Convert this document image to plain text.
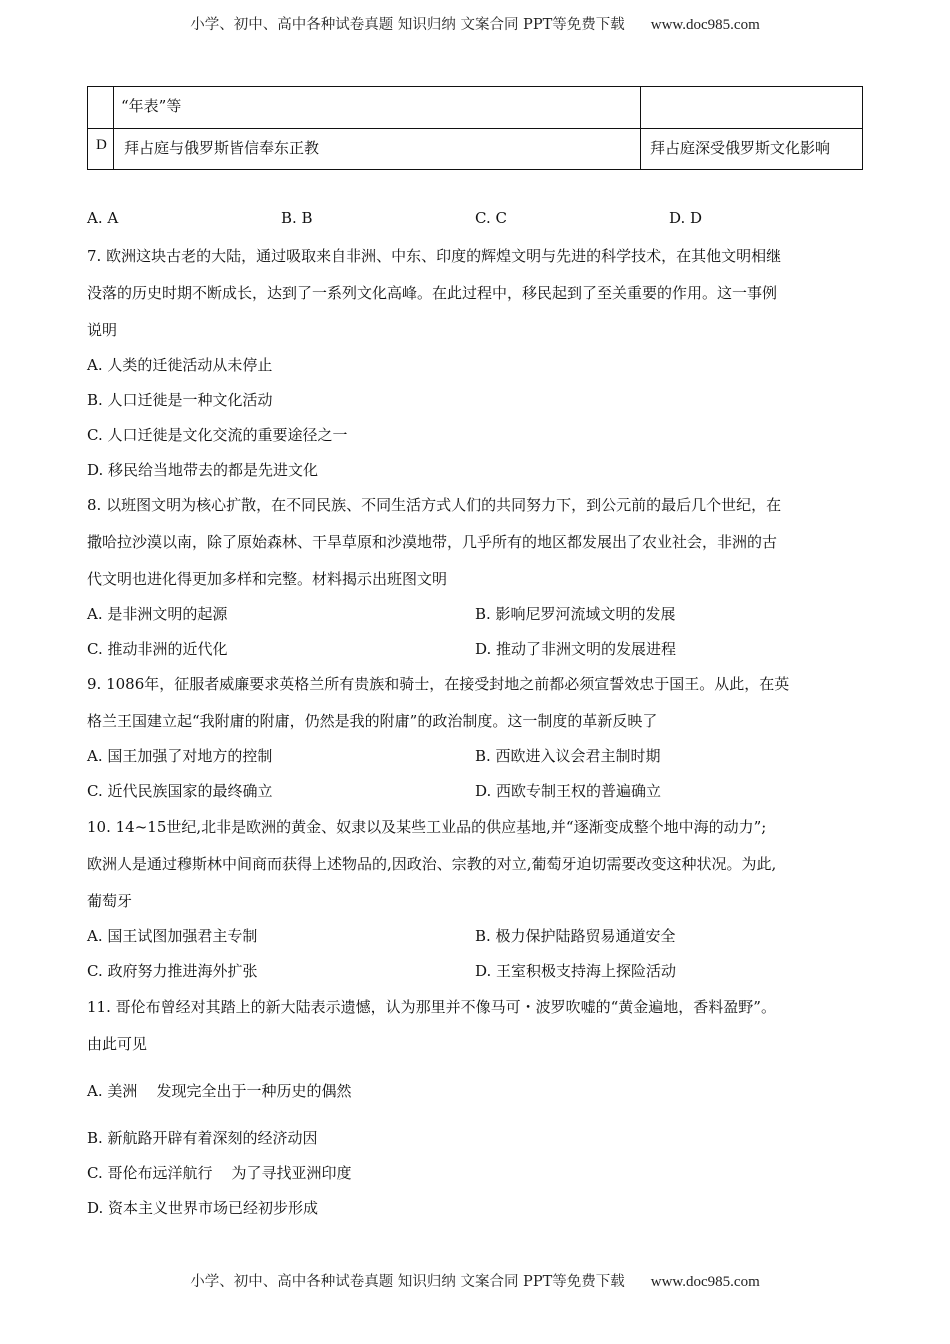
小学、初中、高中各种试卷真题 知识归纳 文案合同 PPT等免费下载 www.doc985.com
“年表”等
D 拜占庭与俄罗斯皆信奉东正教	拜占庭深受俄罗斯文化影响
A. A	B. B	C. C	D. D
7. 欧洲这块古老的大陆，通过吸取来自非洲、中东、印度的辉煌文明与先进的科学技术，在其他文明相继
没落的历史时期不断成长，达到了一系列文化高峰。在此过程中，移民起到了至关重要的作用。这一事例
说明
A. 人类的迁徙活动从未停止
B. 人口迁徙是一种文化活动
C. 人口迁徙是文化交流的重要途径之一
D. 移民给当地带去的都是先进文化
8. 以班图文明为核心扩散，在不同民族、不同生活方式人们的共同努力下，到公元前的最后几个世纪，在
撒哈拉沙漠以南，除了原始森林、干旱草原和沙漠地带，几乎所有的地区都发展出了农业社会，非洲的古
代文明也进化得更加多样和完整。材料揭示出班图文明
A. 是非洲文明的起源	B. 影响尼罗河流域文明的发展
C. 推动非洲的近代化	D. 推动了非洲文明的发展进程
9. 1086年，征服者威廉要求英格兰所有贵族和骑士，在接受封地之前都必须宣誓效忠于国王。从此，在英
格兰王国建立起“我附庸的附庸，仍然是我的附庸”的政治制度。这一制度的革新反映了
A. 国王加强了对地方的控制	B. 西欧进入议会君主制时期
C. 近代民族国家的最终确立	D. 西欧专制王权的普遍确立
10. 14~15世纪,北非是欧洲的黄金、奴隶以及某些工业品的供应基地,并“逐渐变成整个地中海的动力”;
欧洲人是通过穆斯林中间商而获得上述物品的,因政治、宗教的对立,葡萄牙迫切需要改变这种状况。为此,
葡萄牙
A. 国王试图加强君主专制	B. 极力保护陆路贸易通道安全
C. 政府努力推进海外扩张	D. 王室积极支持海上探险活动
11. 哥伦布曾经对其踏上的新大陆表示遗憾，认为那里并不像马可・波罗吹嘘的“黄金遍地，香料盈野”。
由此可见
A. 美洲    发现完全出于一种历史的偶然
B. 新航路开辟有着深刻的经济动因
C. 哥伦布远洋航行    为了寻找亚洲印度
D. 资本主义世界市场已经初步形成
小学、初中、高中各种试卷真题 知识归纳 文案合同 PPT等免费下载 www.doc985.com
